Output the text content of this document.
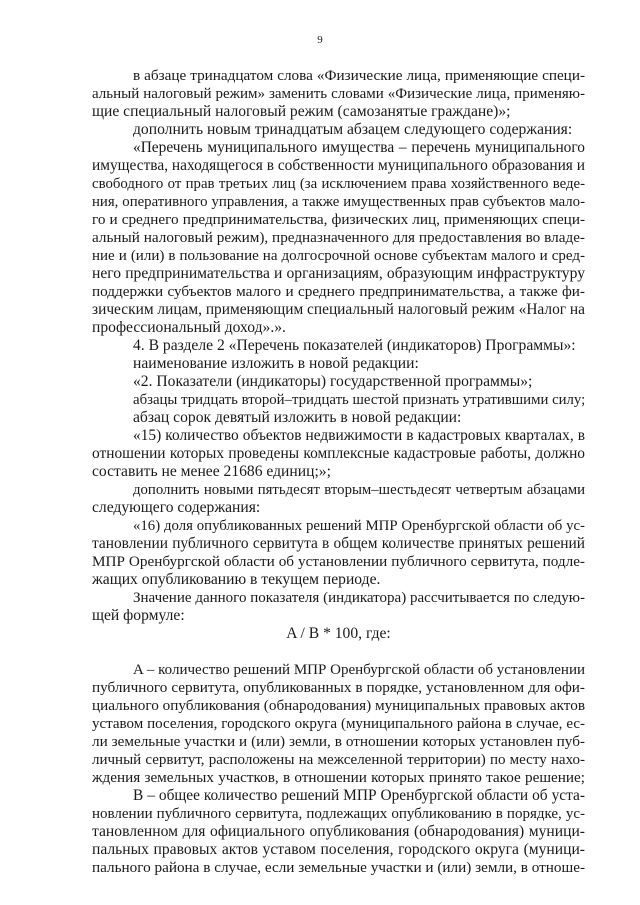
9
в абзаце тринадцатом слова «Физические лица, применяющие специ-
альный налоговый режим» заменить словами «Физические лица, применяю-
щие специальный налоговый режим (самозанятые граждане)»;
дополнить новым тринадцатым абзацем следующего содержания:
«Перечень муниципального имущества – перечень муниципального
имущества, находящегося в собственности муниципального образования и
свободного от прав третьих лиц (за исключением права хозяйственного веде-
ния, оперативного управления, а также имущественных прав субъектов мало-
го и среднего предпринимательства, физических лиц, применяющих специ-
альный налоговый режим), предназначенного для предоставления во владе-
ние и (или) в пользование на долгосрочной основе субъектам малого и сред-
него предпринимательства и организациям, образующим инфраструктуру
поддержки субъектов малого и среднего предпринимательства, а также фи-
зическим лицам, применяющим специальный налоговый режим «Налог на
профессиональный доход».».
4. В разделе 2 «Перечень показателей (индикаторов) Программы»:
наименование изложить в новой редакции:
«2. Показатели (индикаторы) государственной программы»;
абзацы тридцать второй–тридцать шестой признать утратившими силу;
абзац сорок девятый изложить в новой редакции:
«15) количество объектов недвижимости в кадастровых кварталах, в
отношении которых проведены комплексные кадастровые работы, должно
составить не менее 21686 единиц;»;
дополнить новыми пятьдесят вторым–шестьдесят четвертым абзацами
следующего содержания:
«16) доля опубликованных решений МПР Оренбургской области об ус-
тановлении публичного сервитута в общем количестве принятых решений
МПР Оренбургской области об установлении публичного сервитута, подле-
жащих опубликованию в текущем периоде.
Значение данного показателя (индикатора) рассчитывается по следую-
щей формуле:
A / B * 100, где:
A – количество решений МПР Оренбургской области об установлении
публичного сервитута, опубликованных в порядке, установленном для офи-
циального опубликования (обнародования) муниципальных правовых актов
уставом поселения, городского округа (муниципального района в случае, ес-
ли земельные участки и (или) земли, в отношении которых установлен пуб-
личный сервитут, расположены на межселенной территории) по месту нахо-
ждения земельных участков, в отношении которых принято такое решение;
B – общее количество решений МПР Оренбургской области об уста-
новлении публичного сервитута, подлежащих опубликованию в порядке, ус-
тановленном для официального опубликования (обнародования) муници-
пальных правовых актов уставом поселения, городского округа (муници-
пального района в случае, если земельные участки и (или) земли, в отноше-
